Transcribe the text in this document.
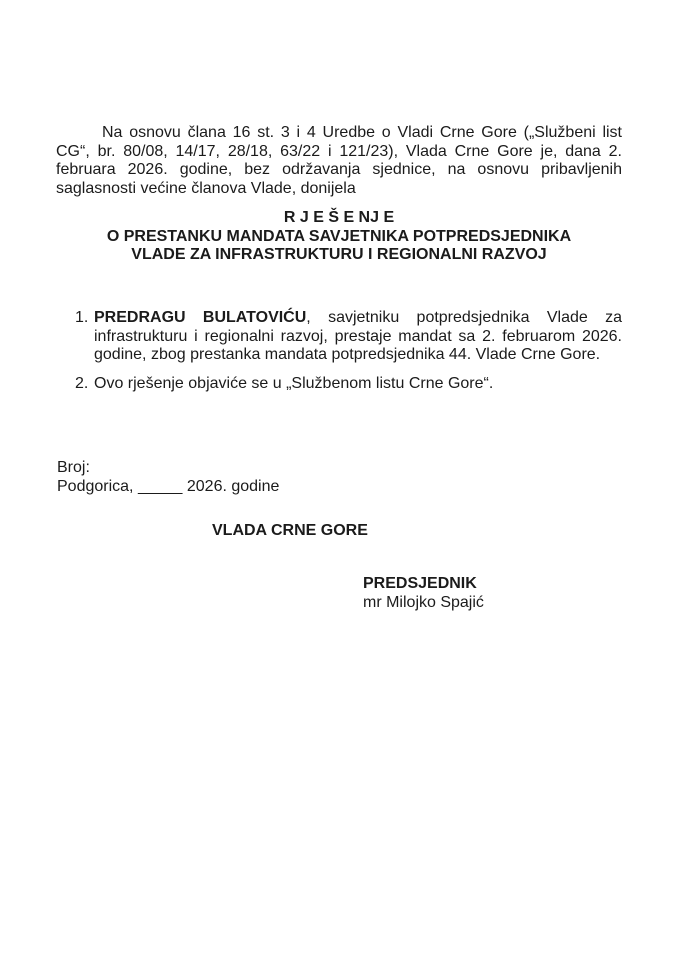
Na osnovu člana 16 st. 3 i 4 Uredbe o Vladi Crne Gore („Službeni list CG“, br. 80/08, 14/17, 28/18, 63/22 i 121/23), Vlada Crne Gore je, dana 2. februara 2026. godine, bez održavanja sjednice, na osnovu pribavljenih saglasnosti većine članova Vlade, donijela

R J E Š E NJ E
O PRESTANKU MANDATA SAVJETNIKA POTPREDSJEDNIKA
VLADE ZA INFRASTRUKTURU I REGIONALNI RAZVOJ
1. PREDRAGU BULATOVIĆU, savjetniku potpredsjednika Vlade za infrastrukturu i regionalni razvoj, prestaje mandat sa 2. februarom 2026. godine, zbog prestanka mandata potpredsjednika 44. Vlade Crne Gore.

2. Ovo rješenje objaviće se u „Službenom listu Crne Gore“.

Broj:
Podgorica, _____ 2026. godine
VLADA CRNE GORE
PREDSJEDNIK
mr Milojko Spajić
